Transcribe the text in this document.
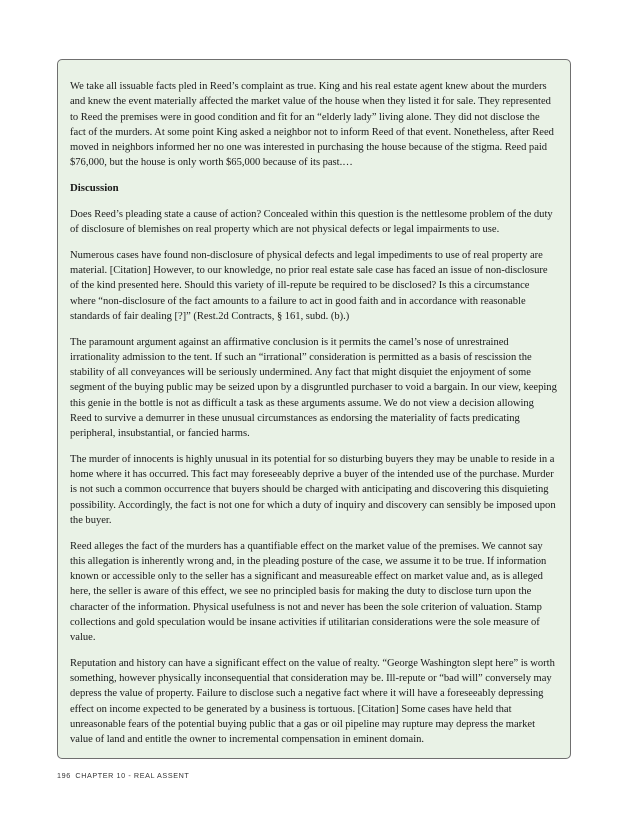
We take all issuable facts pled in Reed’s complaint as true. King and his real estate agent knew about the murders and knew the event materially affected the market value of the house when they listed it for sale. They represented to Reed the premises were in good condition and fit for an “elderly lady” living alone. They did not disclose the fact of the murders. At some point King asked a neighbor not to inform Reed of that event. Nonetheless, after Reed moved in neighbors informed her no one was interested in purchasing the house because of the stigma. Reed paid $76,000, but the house is only worth $65,000 because of its past.…

Discussion

Does Reed’s pleading state a cause of action? Concealed within this question is the nettlesome problem of the duty of disclosure of blemishes on real property which are not physical defects or legal impairments to use.

Numerous cases have found non-disclosure of physical defects and legal impediments to use of real property are material. [Citation] However, to our knowledge, no prior real estate sale case has faced an issue of non-disclosure of the kind presented here. Should this variety of ill-repute be required to be disclosed? Is this a circumstance where “non-disclosure of the fact amounts to a failure to act in good faith and in accordance with reasonable standards of fair dealing [?]” (Rest.2d Contracts, § 161, subd. (b).)

The paramount argument against an affirmative conclusion is it permits the camel’s nose of unrestrained irrationality admission to the tent. If such an “irrational” consideration is permitted as a basis of rescission the stability of all conveyances will be seriously undermined. Any fact that might disquiet the enjoyment of some segment of the buying public may be seized upon by a disgruntled purchaser to void a bargain. In our view, keeping this genie in the bottle is not as difficult a task as these arguments assume. We do not view a decision allowing Reed to survive a demurrer in these unusual circumstances as endorsing the materiality of facts predicating peripheral, insubstantial, or fancied harms.

The murder of innocents is highly unusual in its potential for so disturbing buyers they may be unable to reside in a home where it has occurred. This fact may foreseeably deprive a buyer of the intended use of the purchase. Murder is not such a common occurrence that buyers should be charged with anticipating and discovering this disquieting possibility. Accordingly, the fact is not one for which a duty of inquiry and discovery can sensibly be imposed upon the buyer.

Reed alleges the fact of the murders has a quantifiable effect on the market value of the premises. We cannot say this allegation is inherently wrong and, in the pleading posture of the case, we assume it to be true. If information known or accessible only to the seller has a significant and measureable effect on market value and, as is alleged here, the seller is aware of this effect, we see no principled basis for making the duty to disclose turn upon the character of the information. Physical usefulness is not and never has been the sole criterion of valuation. Stamp collections and gold speculation would be insane activities if utilitarian considerations were the sole measure of value.

Reputation and history can have a significant effect on the value of realty. “George Washington slept here” is worth something, however physically inconsequential that consideration may be. Ill-repute or “bad will” conversely may depress the value of property. Failure to disclose such a negative fact where it will have a foreseeably depressing effect on income expected to be generated by a business is tortuous. [Citation] Some cases have held that unreasonable fears of the potential buying public that a gas or oil pipeline may rupture may depress the market value of land and entitle the owner to incremental compensation in eminent domain.

196 CHAPTER 10 - REAL ASSENT
